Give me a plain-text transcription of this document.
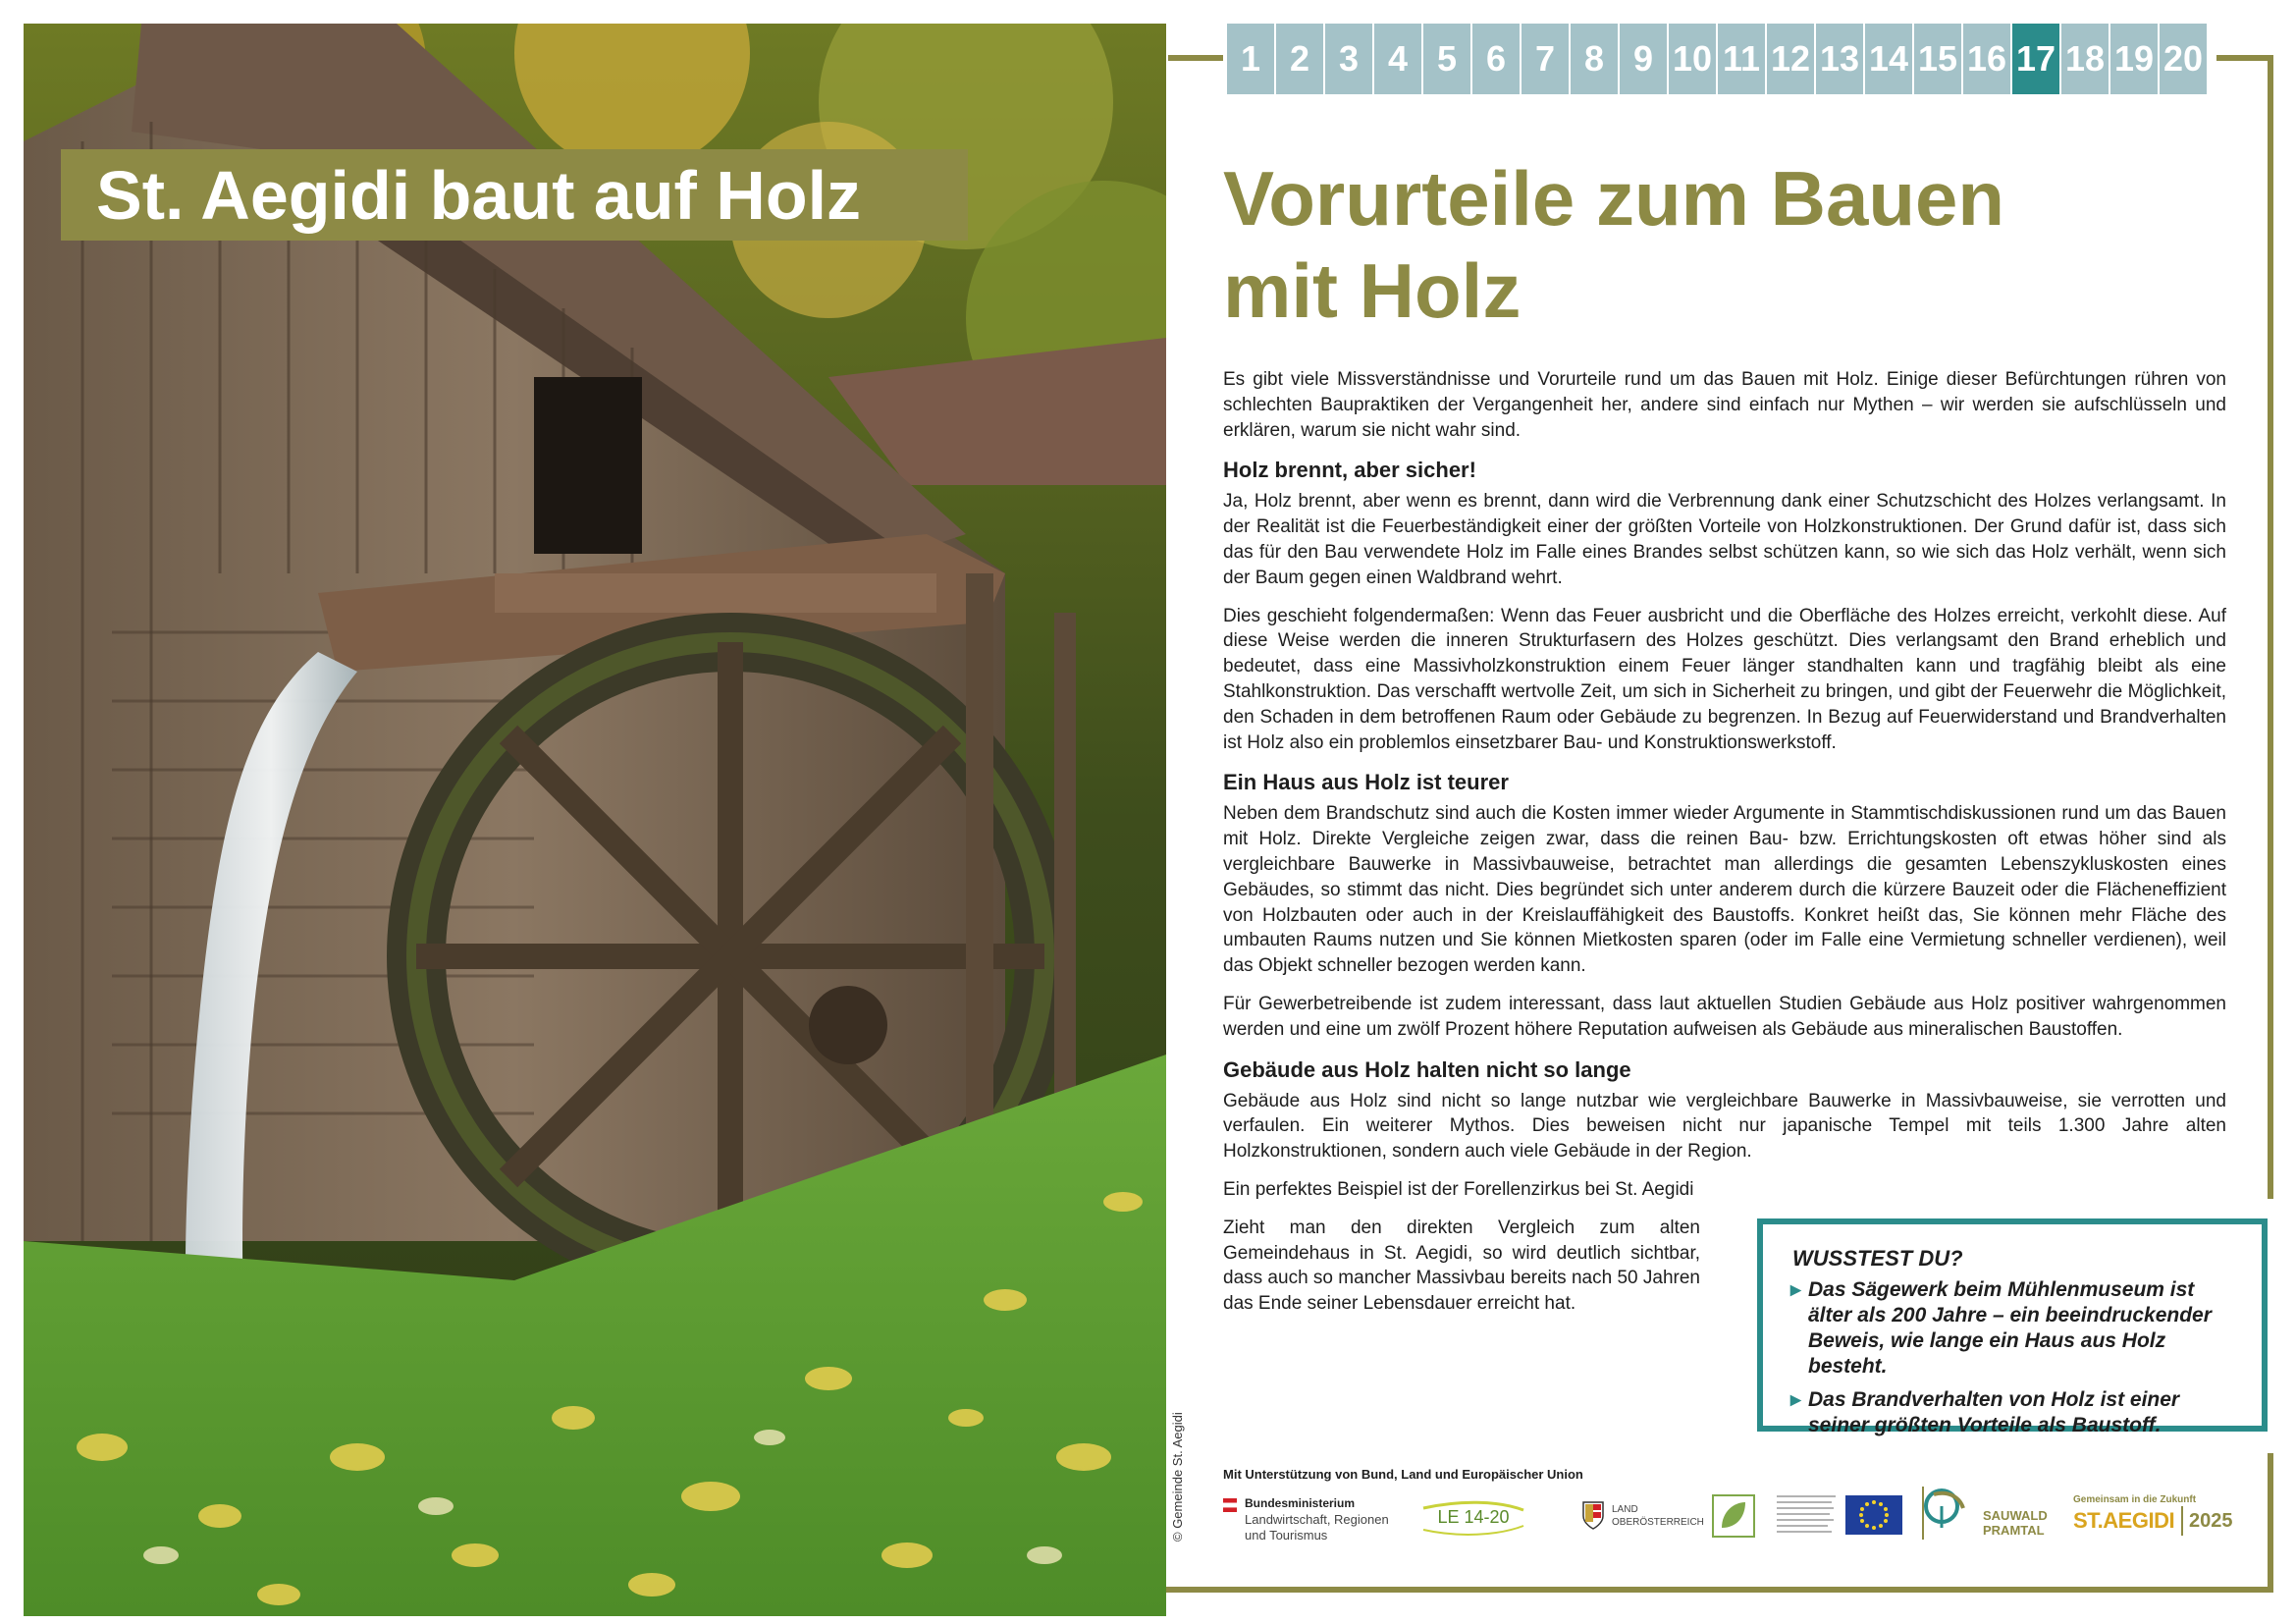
St. Aegidi baut auf Holz
© Gemeinde St. Aegidi
1 2 3 4 5 6 7 8 9 10 11 12 13 14 15 16 17 18 19 20
Vorurteile zum Bauen
mit Holz

Es gibt viele Missverständnisse und Vorurteile rund um das Bauen mit Holz. Einige dieser Befürchtungen rühren von schlechten Baupraktiken der Vergangenheit her, andere sind einfach nur Mythen – wir werden sie aufschlüsseln und erklären, warum sie nicht wahr sind.

Holz brennt, aber sicher!

Ja, Holz brennt, aber wenn es brennt, dann wird die Verbrennung dank einer Schutzschicht des Holzes verlangsamt. In der Realität ist die Feuerbeständigkeit einer der größten Vorteile von Holzkonstruktionen. Der Grund dafür ist, dass sich das für den Bau verwendete Holz im Falle eines Brandes selbst schützen kann, so wie sich das Holz verhält, wenn sich der Baum gegen einen Waldbrand wehrt.

Dies geschieht folgendermaßen: Wenn das Feuer ausbricht und die Oberfläche des Holzes erreicht, verkohlt diese. Auf diese Weise werden die inneren Strukturfasern des Holzes geschützt. Dies verlangsamt den Brand erheblich und bedeutet, dass eine Massivholzkonstruktion einem Feuer länger standhalten kann und tragfähig bleibt als eine Stahlkonstruktion. Das verschafft wertvolle Zeit, um sich in Sicherheit zu bringen, und gibt der Feuerwehr die Möglichkeit, den Schaden in dem betroffenen Raum oder Gebäude zu begrenzen. In Bezug auf Feuerwiderstand und Brandverhalten ist Holz also ein problemlos einsetzbarer Bau- und Konstruktionswerkstoff.

Ein Haus aus Holz ist teurer

Neben dem Brandschutz sind auch die Kosten immer wieder Argumente in Stammtischdiskussionen rund um das Bauen mit Holz. Direkte Vergleiche zeigen zwar, dass die reinen Bau- bzw. Errichtungskosten oft etwas höher sind als vergleichbare Bauwerke in Massivbauweise, betrachtet man allerdings die gesamten Lebenszykluskosten eines Gebäudes, so stimmt das nicht. Dies begründet sich unter anderem durch die kürzere Bauzeit oder die Flächeneffizient von Holzbauten oder auch in der Kreislauffähigkeit des Baustoffs. Konkret heißt das, Sie können mehr Fläche des umbauten Raums nutzen und Sie können Mietkosten sparen (oder im Falle eine Vermietung schneller verdienen), weil das Objekt schneller bezogen werden kann.

Für Gewerbetreibende ist zudem interessant, dass laut aktuellen Studien Gebäude aus Holz positiver wahrgenommen werden und eine um zwölf Prozent höhere Reputation aufweisen als Gebäude aus mineralischen Baustoffen.

Gebäude aus Holz halten nicht so lange

Gebäude aus Holz sind nicht so lange nutzbar wie vergleichbare Bauwerke in Massivbauweise, sie verrotten und verfaulen. Ein weiterer Mythos. Dies beweisen nicht nur japanische Tempel mit teils 1.300 Jahre alten Holzkonstruktionen, sondern auch viele Gebäude in der Region.

Ein perfektes Beispiel ist der Forellenzirkus bei St. Aegidi

Zieht man den direkten Vergleich zum alten Gemeindehaus in St. Aegidi, so wird deutlich sichtbar, dass auch so mancher Massivbau bereits nach 50 Jahren das Ende seiner Lebensdauer erreicht hat.

WUSSTEST DU?
▸ Das Sägewerk beim Mühlenmuseum ist älter als 200 Jahre – ein beeindruckender Beweis, wie lange ein Haus aus Holz besteht.
▸ Das Brandverhalten von Holz ist einer seiner größten Vorteile als Baustoff.
Mit Unterstützung von Bund, Land und Europäischer Union
Bundesministerium
Landwirtschaft, Regionen
und Tourismus
LE 14-20	LAND
OBERÖSTERREICH	SAUWALD
PRAMTAL
Gemeinsam in die Zukunft
ST.AEGIDI 2025
